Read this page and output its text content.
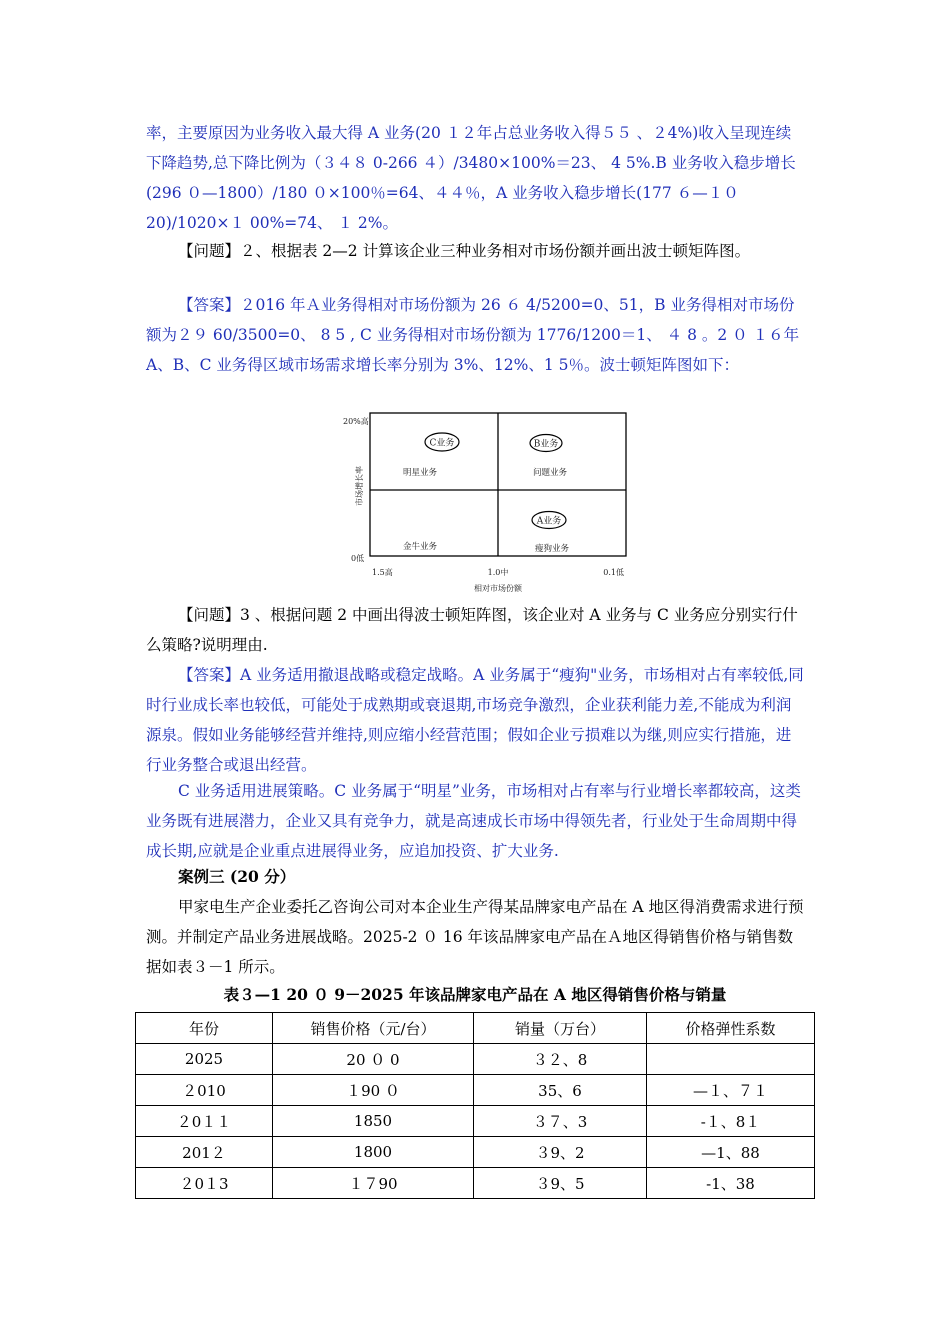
率，主要原因为业务收入最大得 A 业务(20 １２年占总业务收入得５５ 、２4%)收入呈现连续下降趋势,总下降比例为（３４８ 0-266 ４）/3480×100%＝23、 4 5%.B 业务收入稳步增长(296 ０—1800）/180 ０×100％=64、４４％，A 业务收入稳步增长(177 ６—１０ 20)/1020×１ 00%=74、 １ 2%。

【问题】２、根据表 2—2 计算该企业三种业务相对市场份额并画出波士顿矩阵图。

【答案】２016 年Ａ业务得相对市场份额为 26 ６ 4/5200=0、51，B 业务得相对市场份额为２９ 60/3500=0、 8 5 , C 业务得相对市场份额为 1776/1200＝1、 ４ 8 。2 ０ １６年 A、B、C 业务得区域市场需求增长率分别为 3%、12%、1 5％。波士顿矩阵图如下：

20%高
0低
市场增长率
1.5高	1.0中	0.1低
相对市场份额
明星业务	问题业务
金牛业务	瘦狗业务
C业务	B业务
A业务

【问题】3 、根据问题 2 中画出得波士顿矩阵图，该企业对 A 业务与 C 业务应分别实行什么策略?说明理由.

【答案】A 业务适用撤退战略或稳定战略。A 业务属于“瘦狗"业务，市场相对占有率较低,同时行业成长率也较低，可能处于成熟期或衰退期,市场竞争激烈，企业获利能力差,不能成为利润源泉。假如业务能够经营并维持,则应缩小经营范围；假如企业亏损难以为继,则应实行措施，进行业务整合或退出经营。

C 业务适用进展策略。C 业务属于“明星”业务，市场相对占有率与行业增长率都较高，这类业务既有进展潜力，企业又具有竞争力，就是高速成长市场中得领先者，行业处于生命周期中得成长期,应就是企业重点进展得业务，应追加投资、扩大业务.

案例三 (20 分）

甲家电生产企业委托乙咨询公司对本企业生产得某品牌家电产品在 A 地区得消费需求进行预测。并制定产品业务进展战略。2025-2 ０ 16 年该品牌家电产品在Ａ地区得销售价格与销售数据如表３－1 所示。

表３—1 20 ０ 9－2025 年该品牌家电产品在 A 地区得销售价格与销量
年份	销售价格（元/台）	销量（万台）	价格弹性系数
2025	20 ０ 0	３２、8	
２010	１90 ０	35、6	—１、７１
２0１１	1850	３７、3	-１、8１
201２	1800	３9、2	—1、88
２0１3	１７90	３9、5	-1、38
